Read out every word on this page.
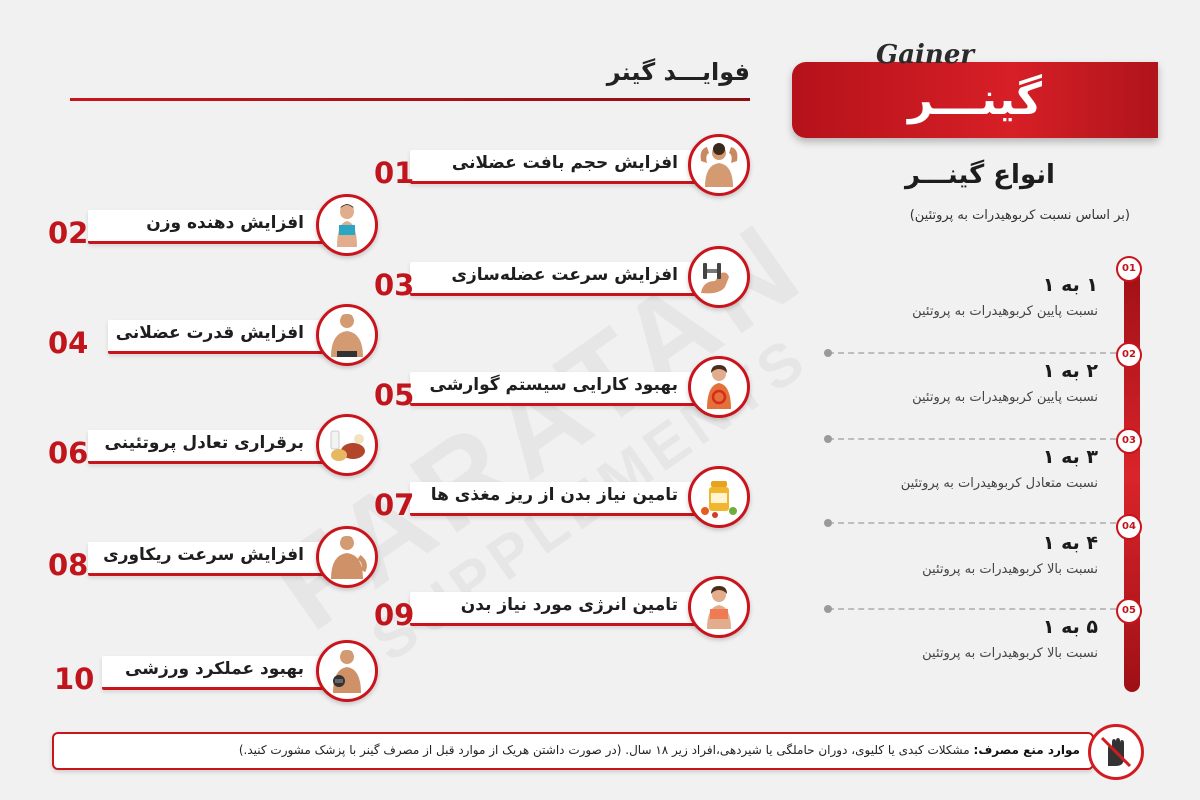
گینـــر
Gainer
فوایـــد گینر
افزایش حجم بافت عضلانی
01
افزایش دهنده وزن
02
افزایش سرعت عضله‌سازی
03
افزایش قدرت عضلانی
04
بهبود کارایی سیستم گوارشی
05
برقراری تعادل پروتئینی
06
تامین نیاز بدن از ریز مغذی ها
07
افزایش سرعت ریکاوری
08
تامین انرژی مورد نیاز بدن
09
بهبود عملکرد ورزشی
10
انواع گینـــر
(بر اساس نسبت کربوهیدرات به پروتئین)
01
۱ به ۱
نسبت پایین کربوهیدرات به پروتئین
02
۲ به ۱
نسبت پایین کربوهیدرات به پروتئین
03
۳ به ۱
نسبت متعادل کربوهیدرات به پروتئین
04
۴ به ۱
نسبت بالا کربوهیدرات به پروتئین
05
۵ به ۱
نسبت بالا کربوهیدرات به پروتئین
موارد منع مصرف: مشکلات کبدی یا کلیوی، دوران حاملگی یا شیردهی،افراد زیر ۱۸ سال. (در صورت داشتن هریک از موارد قبل از مصرف گینر با پزشک مشورت کنید.)
